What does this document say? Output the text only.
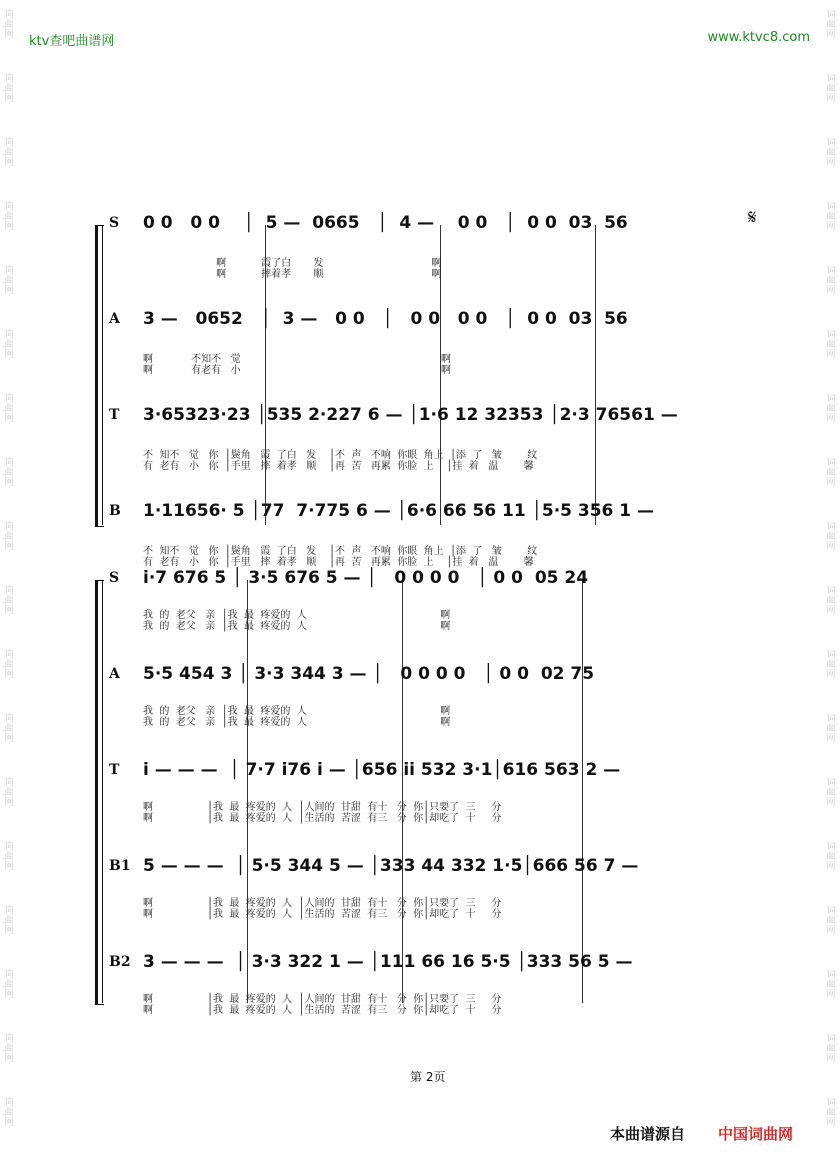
词曲网
词曲网
词曲网
词曲网
词曲网
词曲网
词曲网
词曲网
词曲网
词曲网
词曲网
词曲网
词曲网
词曲网
词曲网
词曲网
词曲网
词曲网
词曲网
词曲网
词曲网
词曲网
词曲网
词曲网
词曲网
词曲网
词曲网
词曲网
词曲网
词曲网
词曲网
词曲网
词曲网
词曲网
词曲网
词曲网
ktv查吧曲谱网	www.ktvc8.com
S 0 0   0 0    │  5 —  0665   │  4 —    0 0   │  0 0  03  56
啊           霞了白       发                                  啊
啊           摔着孝       顺                                  啊
A 3 —   0652   │  3 —   0 0   │   0 0   0 0   │  0 0  03  56
啊            不知不   觉                                                               啊
啊            有老有   小                                                               啊
T 3·65323·23 │535 2·227 6 — │1·6 12 32353 │2·3 76561 —
不  知不   觉   你  │鬓角   霞  了白   发    │不  声   不响  你眼  角上  │添  了   皱        纹
有  老有   小   你  │手里   摔  着孝   顺    │再  苦   再累  你脸  上    │挂  着   温        馨
B 1·11656· 5 │77  7·775 6 — │6·6 66 56 11 │5·5 356 1 —
不  知不   觉   你  │鬓角   霞  了白   发    │不  声   不响  你眼  角上  │添  了   皱        纹
有  老有   小   你  │手里   摔  着孝   顺    │再  苦   再累  你脸  上    │挂  着   温        馨
𝄋
S i·7 676 5 │ 3·5 676 5 — │   0 0 0 0   │ 0 0  05 24
我  的  老父   亲  │我  最  疼爱的  人                                          啊
我  的  老父   亲  │我  最  疼爱的  人                                          啊
A 5·5 454 3 │ 3·3 344 3 — │   0 0 0 0   │ 0 0  02 75
我  的  老父   亲  │我  最  疼爱的  人                                          啊
我  的  老父   亲  │我  最  疼爱的  人                                          啊
T i — — —  │ 7·7 i76 i — │656 ii 532 3·1│616 563 2 —
啊                 │我  最  疼爱的  人  │人间的  甘甜  有十   分  你│只要了  三     分
啊                 │我  最  疼爱的  人  │生活的  苦涩  有三   分  你│却吃了  十     分
B1 5 — — —  │ 5·5 344 5 — │333 44 332 1·5│666 56 7 —
啊                 │我  最  疼爱的  人  │人间的  甘甜  有十   分  你│只要了  三     分
啊                 │我  最  疼爱的  人  │生活的  苦涩  有三   分  你│却吃了  十     分
B2 3 — — —  │ 3·3 322 1 — │111 66 16 5·5 │333 56 5 —
啊                 │我  最  疼爱的  人  │人间的  甘甜  有十   分  你│只要了  三     分
啊                 │我  最  疼爱的  人  │生活的  苦涩  有三   分  你│却吃了  十     分
第 2页
本曲谱源自 中国词曲网
